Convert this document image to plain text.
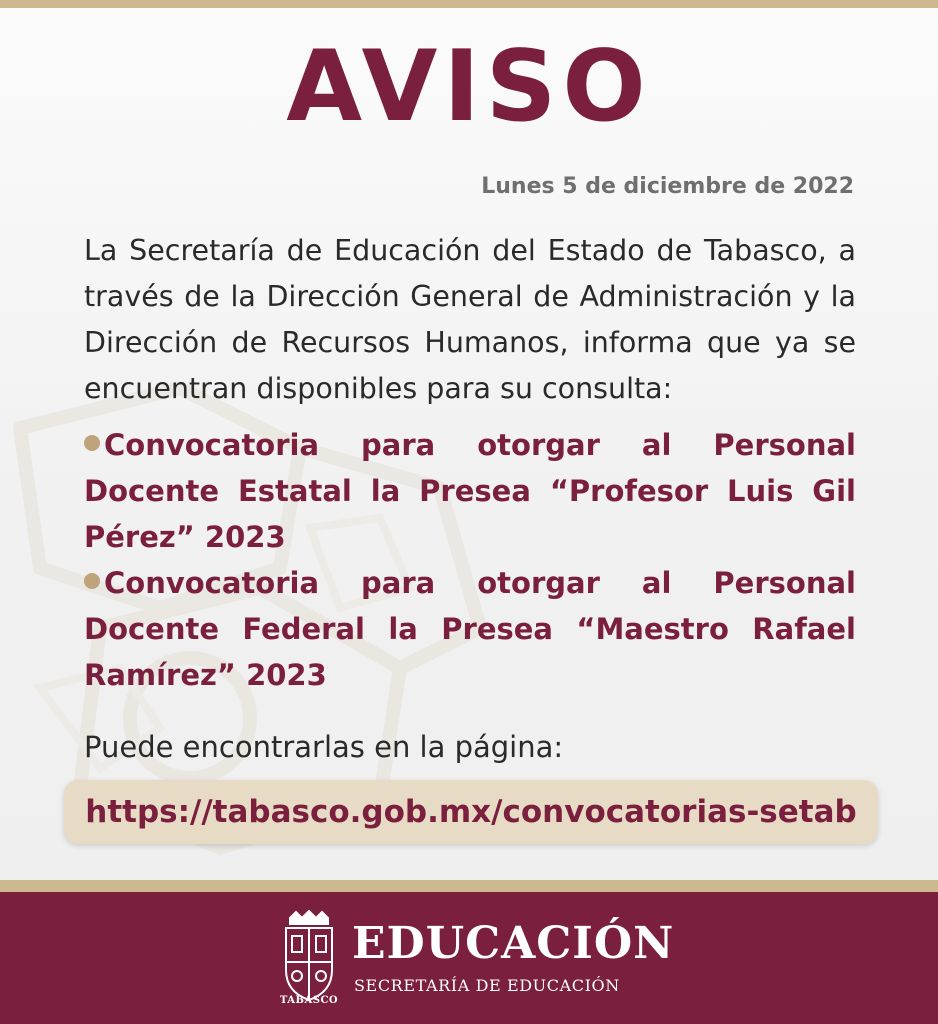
AVISO
Lunes 5 de diciembre de 2022
La Secretaría de Educación del Estado de Tabasco, a través de la Dirección General de Administración y la Dirección de Recursos Humanos, informa que ya se encuentran disponibles para su consulta:
Convocatoria para otorgar al Personal Docente Estatal la Presea “Profesor Luis Gil Pérez” 2023
Convocatoria para otorgar al Personal Docente Federal la Presea “Maestro Rafael Ramírez” 2023
Puede encontrarlas en la página:
https://tabasco.gob.mx/convocatorias-setab
TABASCO
EDUCACIÓN
SECRETARÍA DE EDUCACIÓN
